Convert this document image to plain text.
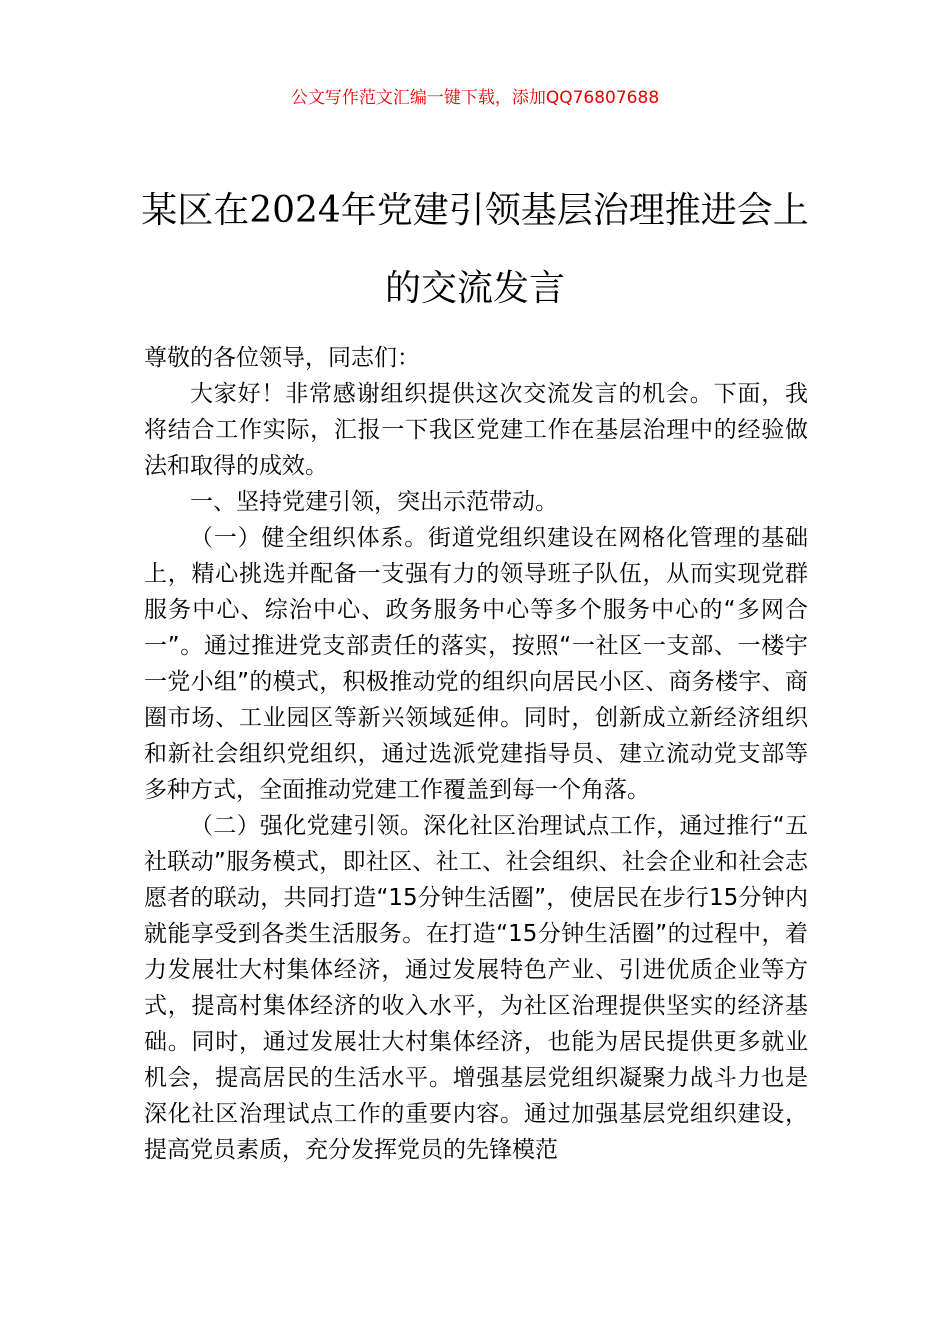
公文写作范文汇编一键下载，添加QQ76807688
某区在2024年党建引领基层治理推进会上的交流发言

尊敬的各位领导，同志们：

大家好！非常感谢组织提供这次交流发言的机会。下面，我将结合工作实际，汇报一下我区党建工作在基层治理中的经验做法和取得的成效。

一、坚持党建引领，突出示范带动。

（一）健全组织体系。街道党组织建设在网格化管理的基础上，精心挑选并配备一支强有力的领导班子队伍，从而实现党群服务中心、综治中心、政务服务中心等多个服务中心的“多网合一”。通过推进党支部责任的落实，按照“一社区一支部、一楼宇一党小组”的模式，积极推动党的组织向居民小区、商务楼宇、商圈市场、工业园区等新兴领域延伸。同时，创新成立新经济组织和新社会组织党组织，通过选派党建指导员、建立流动党支部等多种方式，全面推动党建工作覆盖到每一个角落。

（二）强化党建引领。深化社区治理试点工作，通过推行“五社联动”服务模式，即社区、社工、社会组织、社会企业和社会志愿者的联动，共同打造“15分钟生活圈”，使居民在步行15分钟内就能享受到各类生活服务。在打造“15分钟生活圈”的过程中，着力发展壮大村集体经济，通过发展特色产业、引进优质企业等方式，提高村集体经济的收入水平，为社区治理提供坚实的经济基础。同时，通过发展壮大村集体经济，也能为居民提供更多就业机会，提高居民的生活水平。增强基层党组织凝聚力战斗力也是深化社区治理试点工作的重要内容。通过加强基层党组织建设，提高党员素质，充分发挥党员的先锋模范
